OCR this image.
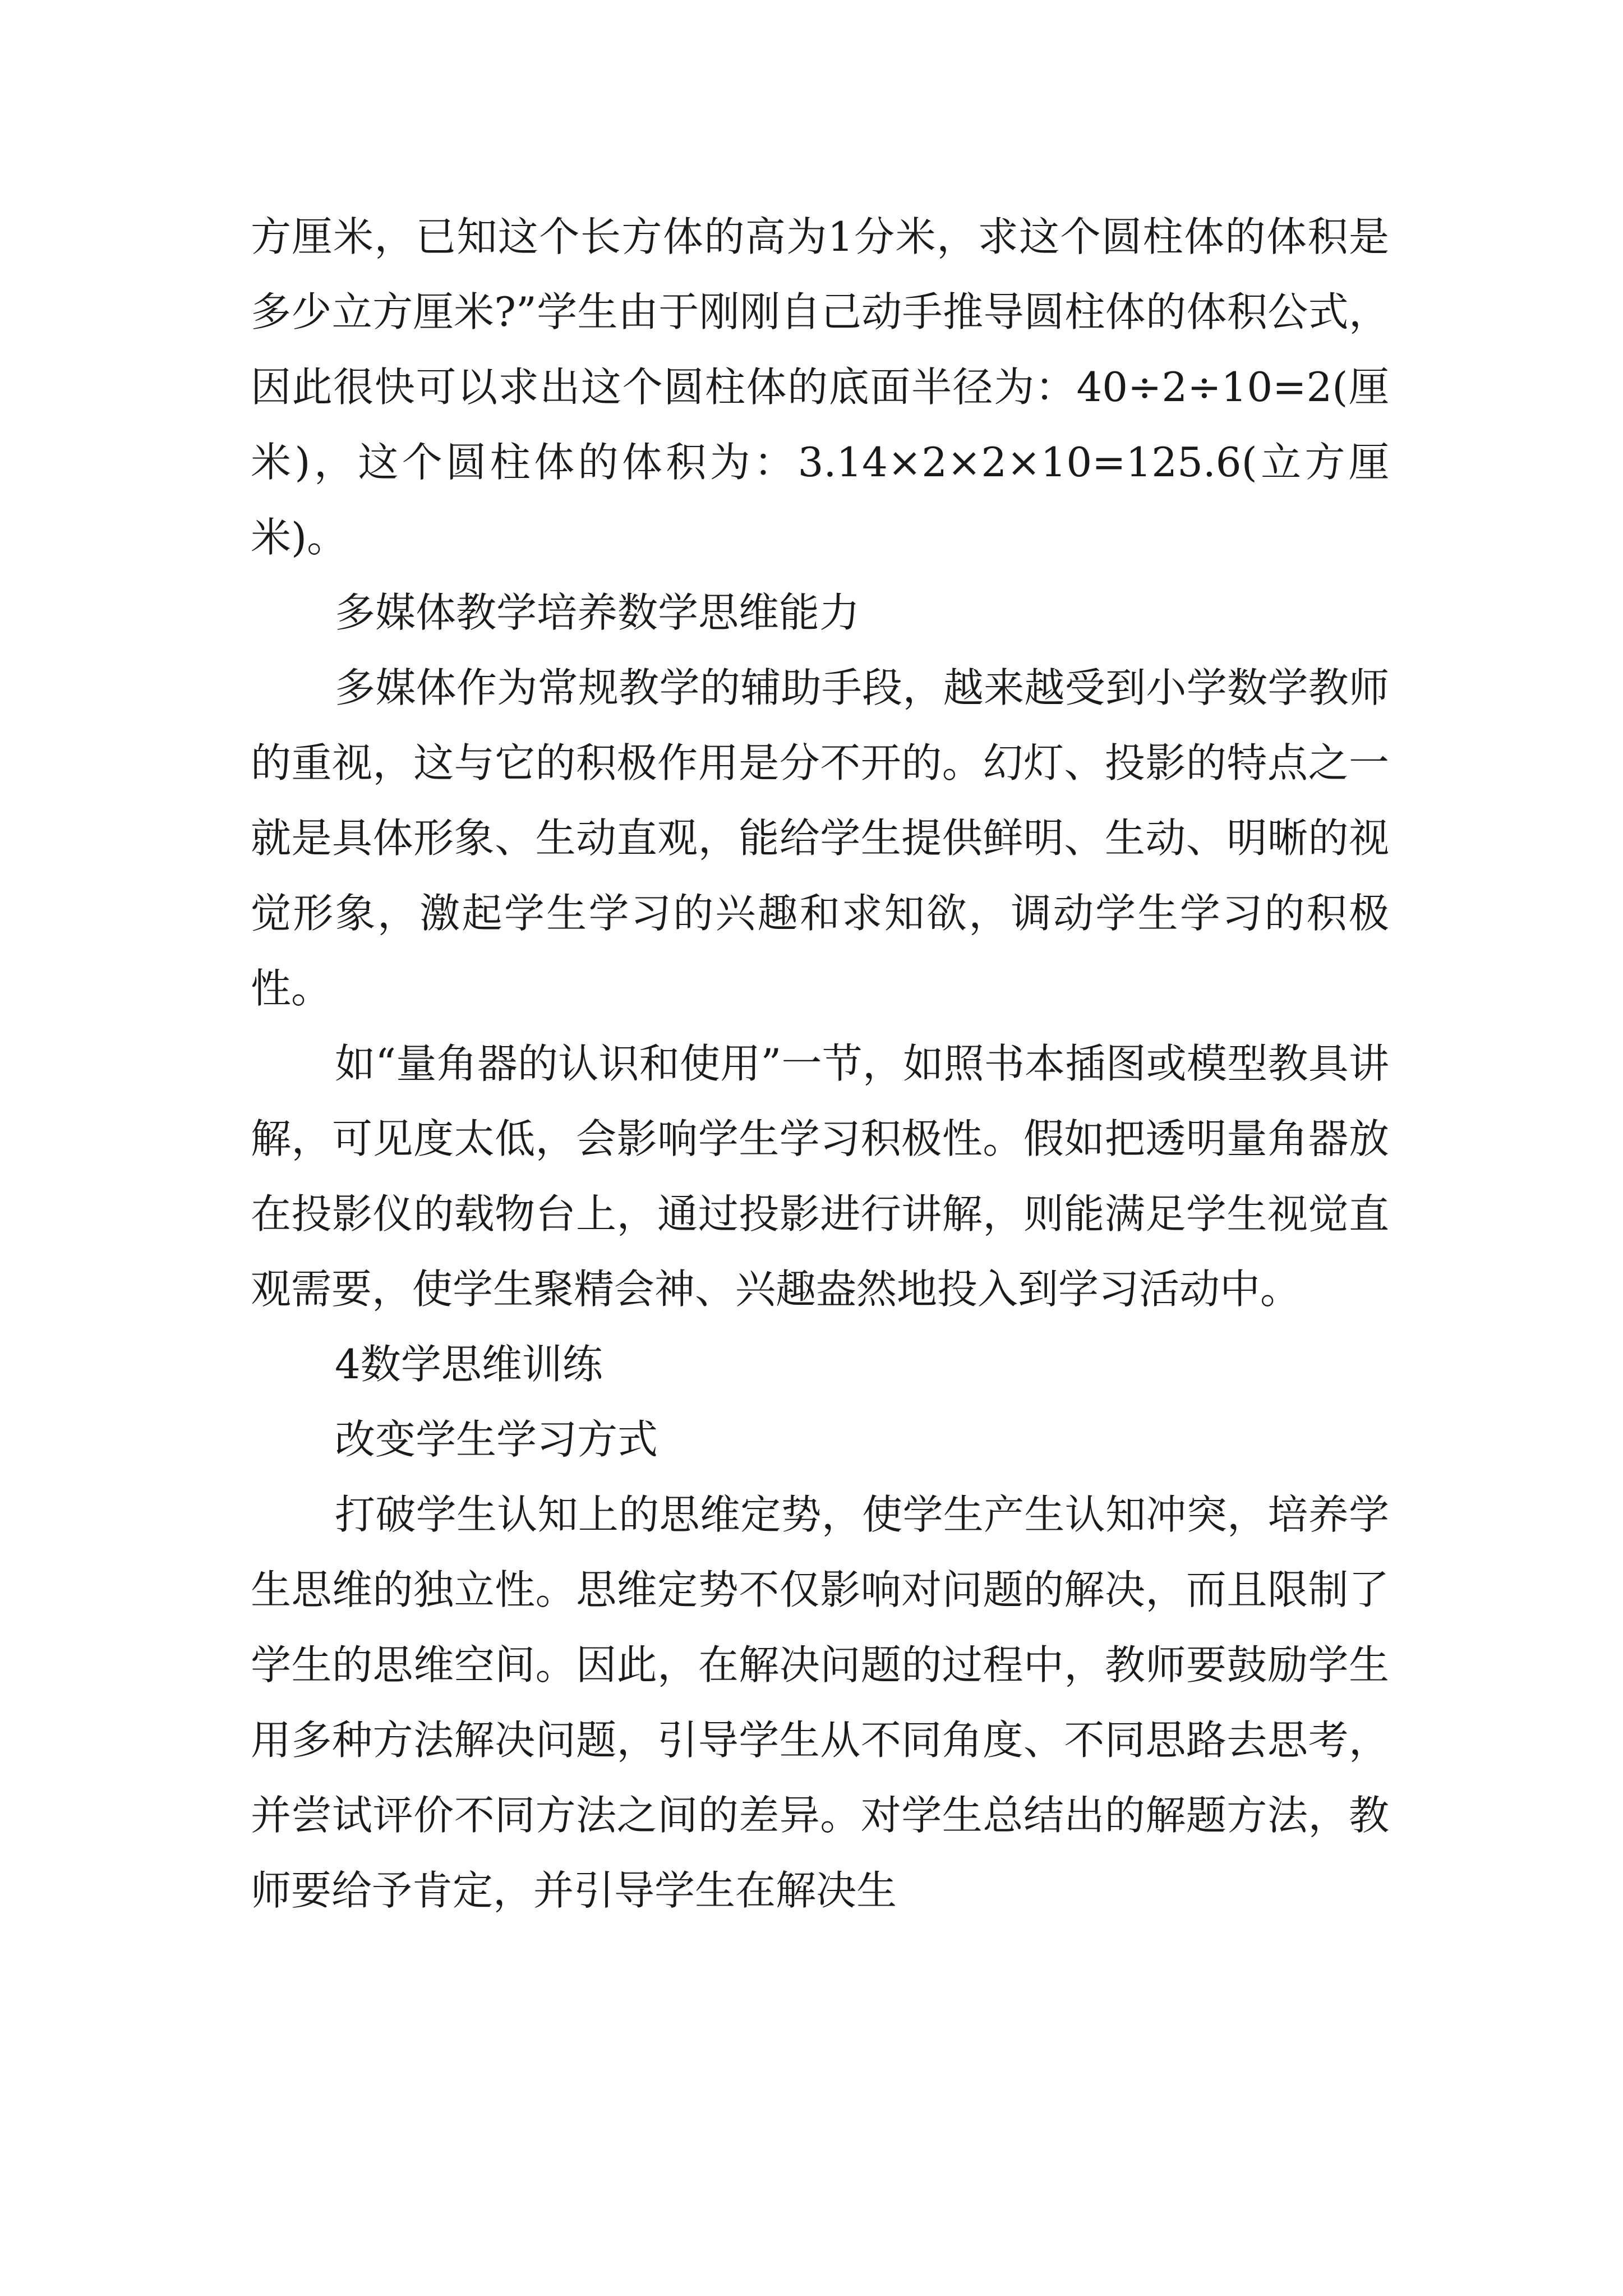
方厘米，已知这个长方体的高为1分米，求这个圆柱体的体积是多少立方厘米?”学生由于刚刚自己动手推导圆柱体的体积公式，因此很快可以求出这个圆柱体的底面半径为：40÷2÷10=2(厘米)，这个圆柱体的体积为：3.14×2×2×10=125.6(立方厘米)。

多媒体教学培养数学思维能力

多媒体作为常规教学的辅助手段，越来越受到小学数学教师的重视，这与它的积极作用是分不开的。幻灯、投影的特点之一就是具体形象、生动直观，能给学生提供鲜明、生动、明晰的视觉形象，激起学生学习的兴趣和求知欲，调动学生学习的积极性。

如“量角器的认识和使用”一节，如照书本插图或模型教具讲解，可见度太低，会影响学生学习积极性。假如把透明量角器放在投影仪的载物台上，通过投影进行讲解，则能满足学生视觉直观需要，使学生聚精会神、兴趣盎然地投入到学习活动中。

4数学思维训练

改变学生学习方式

打破学生认知上的思维定势，使学生产生认知冲突，培养学生思维的独立性。思维定势不仅影响对问题的解决，而且限制了学生的思维空间。因此，在解决问题的过程中，教师要鼓励学生用多种方法解决问题，引导学生从不同角度、不同思路去思考，并尝试评价不同方法之间的差异。对学生总结出的解题方法，教师要给予肯定，并引导学生在解决生
